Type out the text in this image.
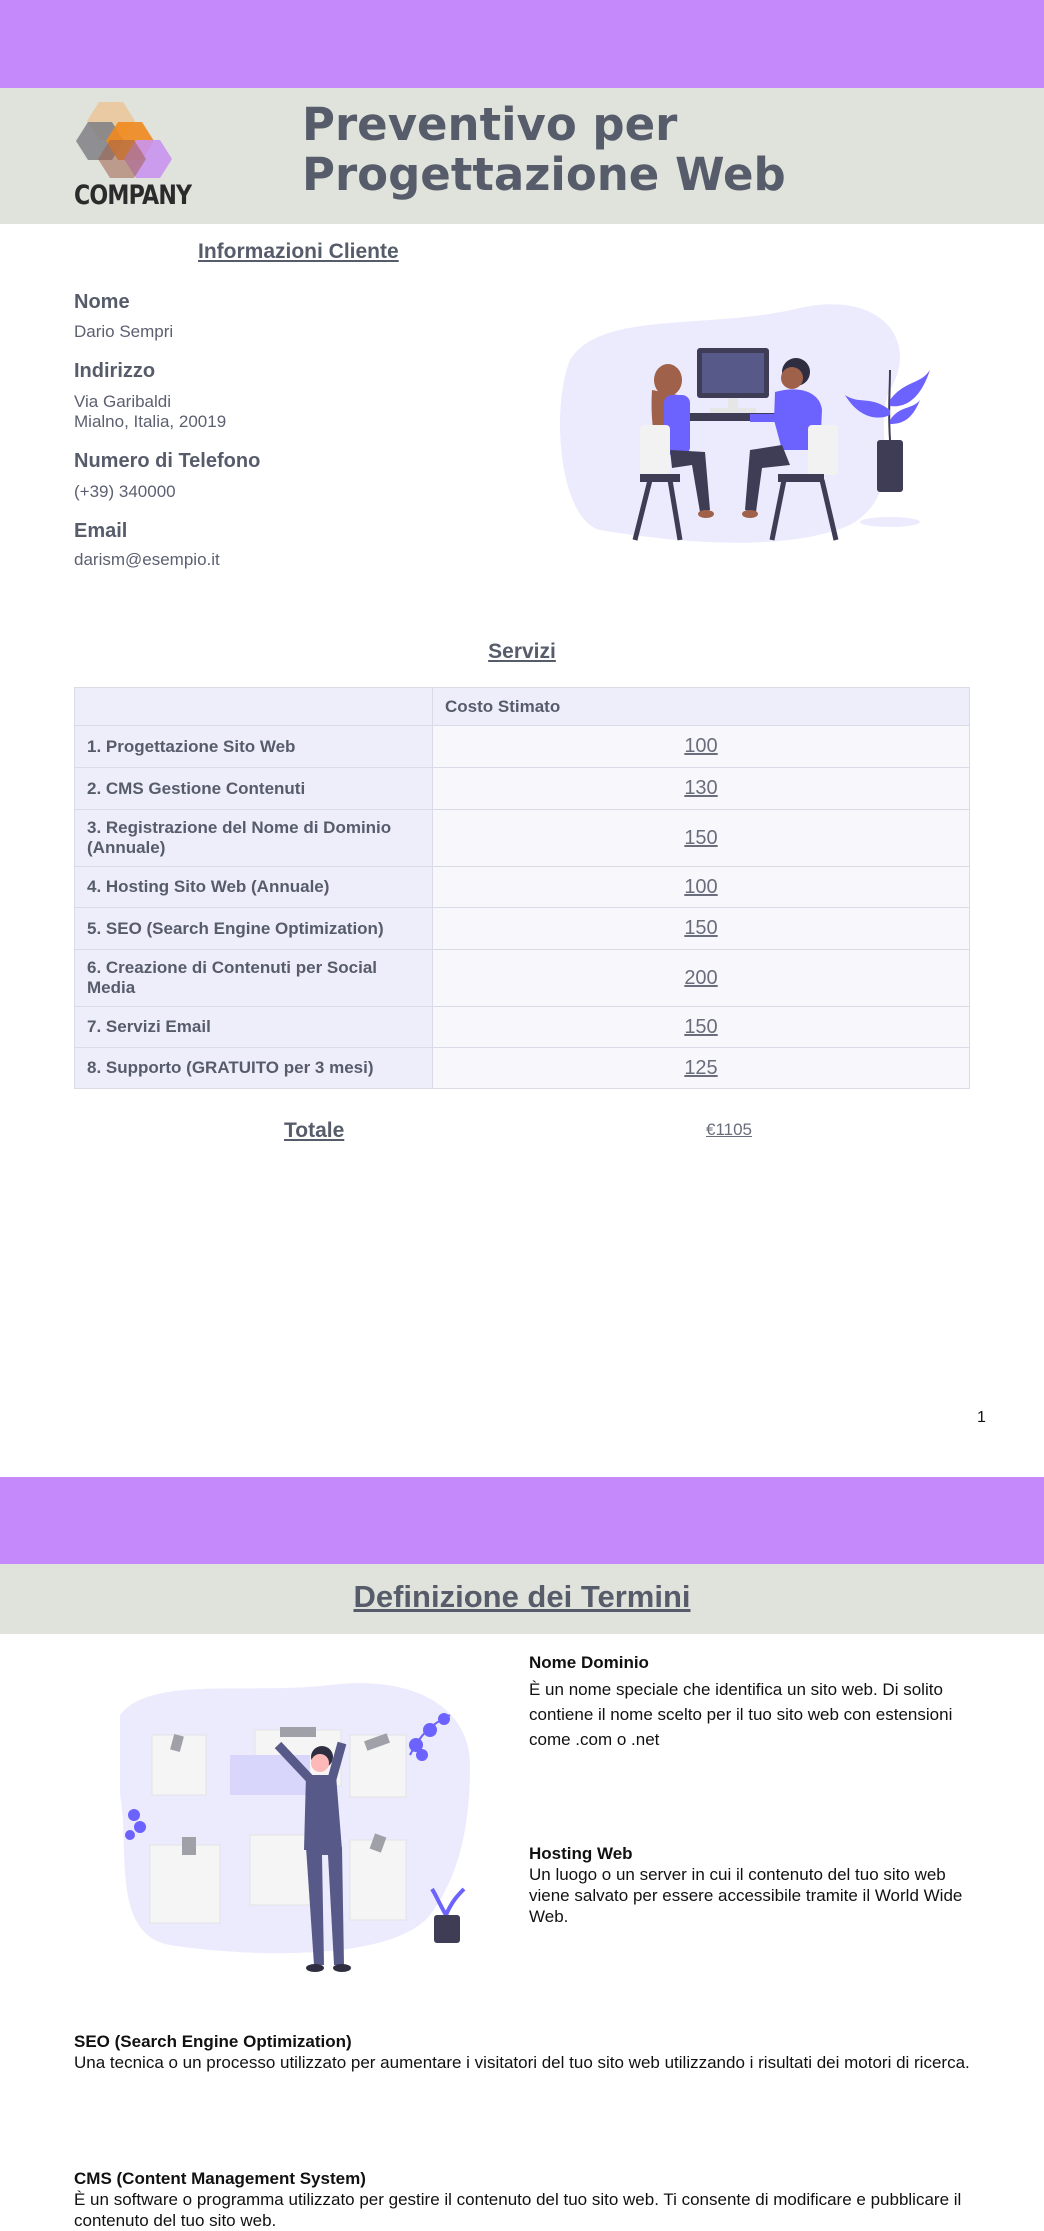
COMPANY
Preventivo per Progettazione Web
Informazioni Cliente
Nome
Dario Sempri
Indirizzo
Via Garibaldi
Mialno, Italia, 20019
Numero di Telefono
(+39) 340000
Email
darism@esempio.it
Servizi
	Costo Stimato
1. Progettazione Sito Web	100
2. CMS Gestione Contenuti	130
3. Registrazione del Nome di Dominio (Annuale)	150
4. Hosting Sito Web (Annuale)	100
5. SEO (Search Engine Optimization)	150
6. Creazione di Contenuti per Social Media	200
7. Servizi Email	150
8. Supporto (GRATUITO per 3 mesi)	125
Totale	€1105
1
Definizione dei Termini
Nome Dominio
È un nome speciale che identifica un sito web. Di solito contiene il nome scelto per il tuo sito web con estensioni come .com o .net
Hosting Web
Un luogo o un server in cui il contenuto del tuo sito web viene salvato per essere accessibile tramite il World Wide Web.
SEO (Search Engine Optimization)
Una tecnica o un processo utilizzato per aumentare i visitatori del tuo sito web utilizzando i risultati dei motori di ricerca.
CMS (Content Management System)
È un software o programma utilizzato per gestire il contenuto del tuo sito web. Ti consente di modificare e pubblicare il contenuto del tuo sito web.
